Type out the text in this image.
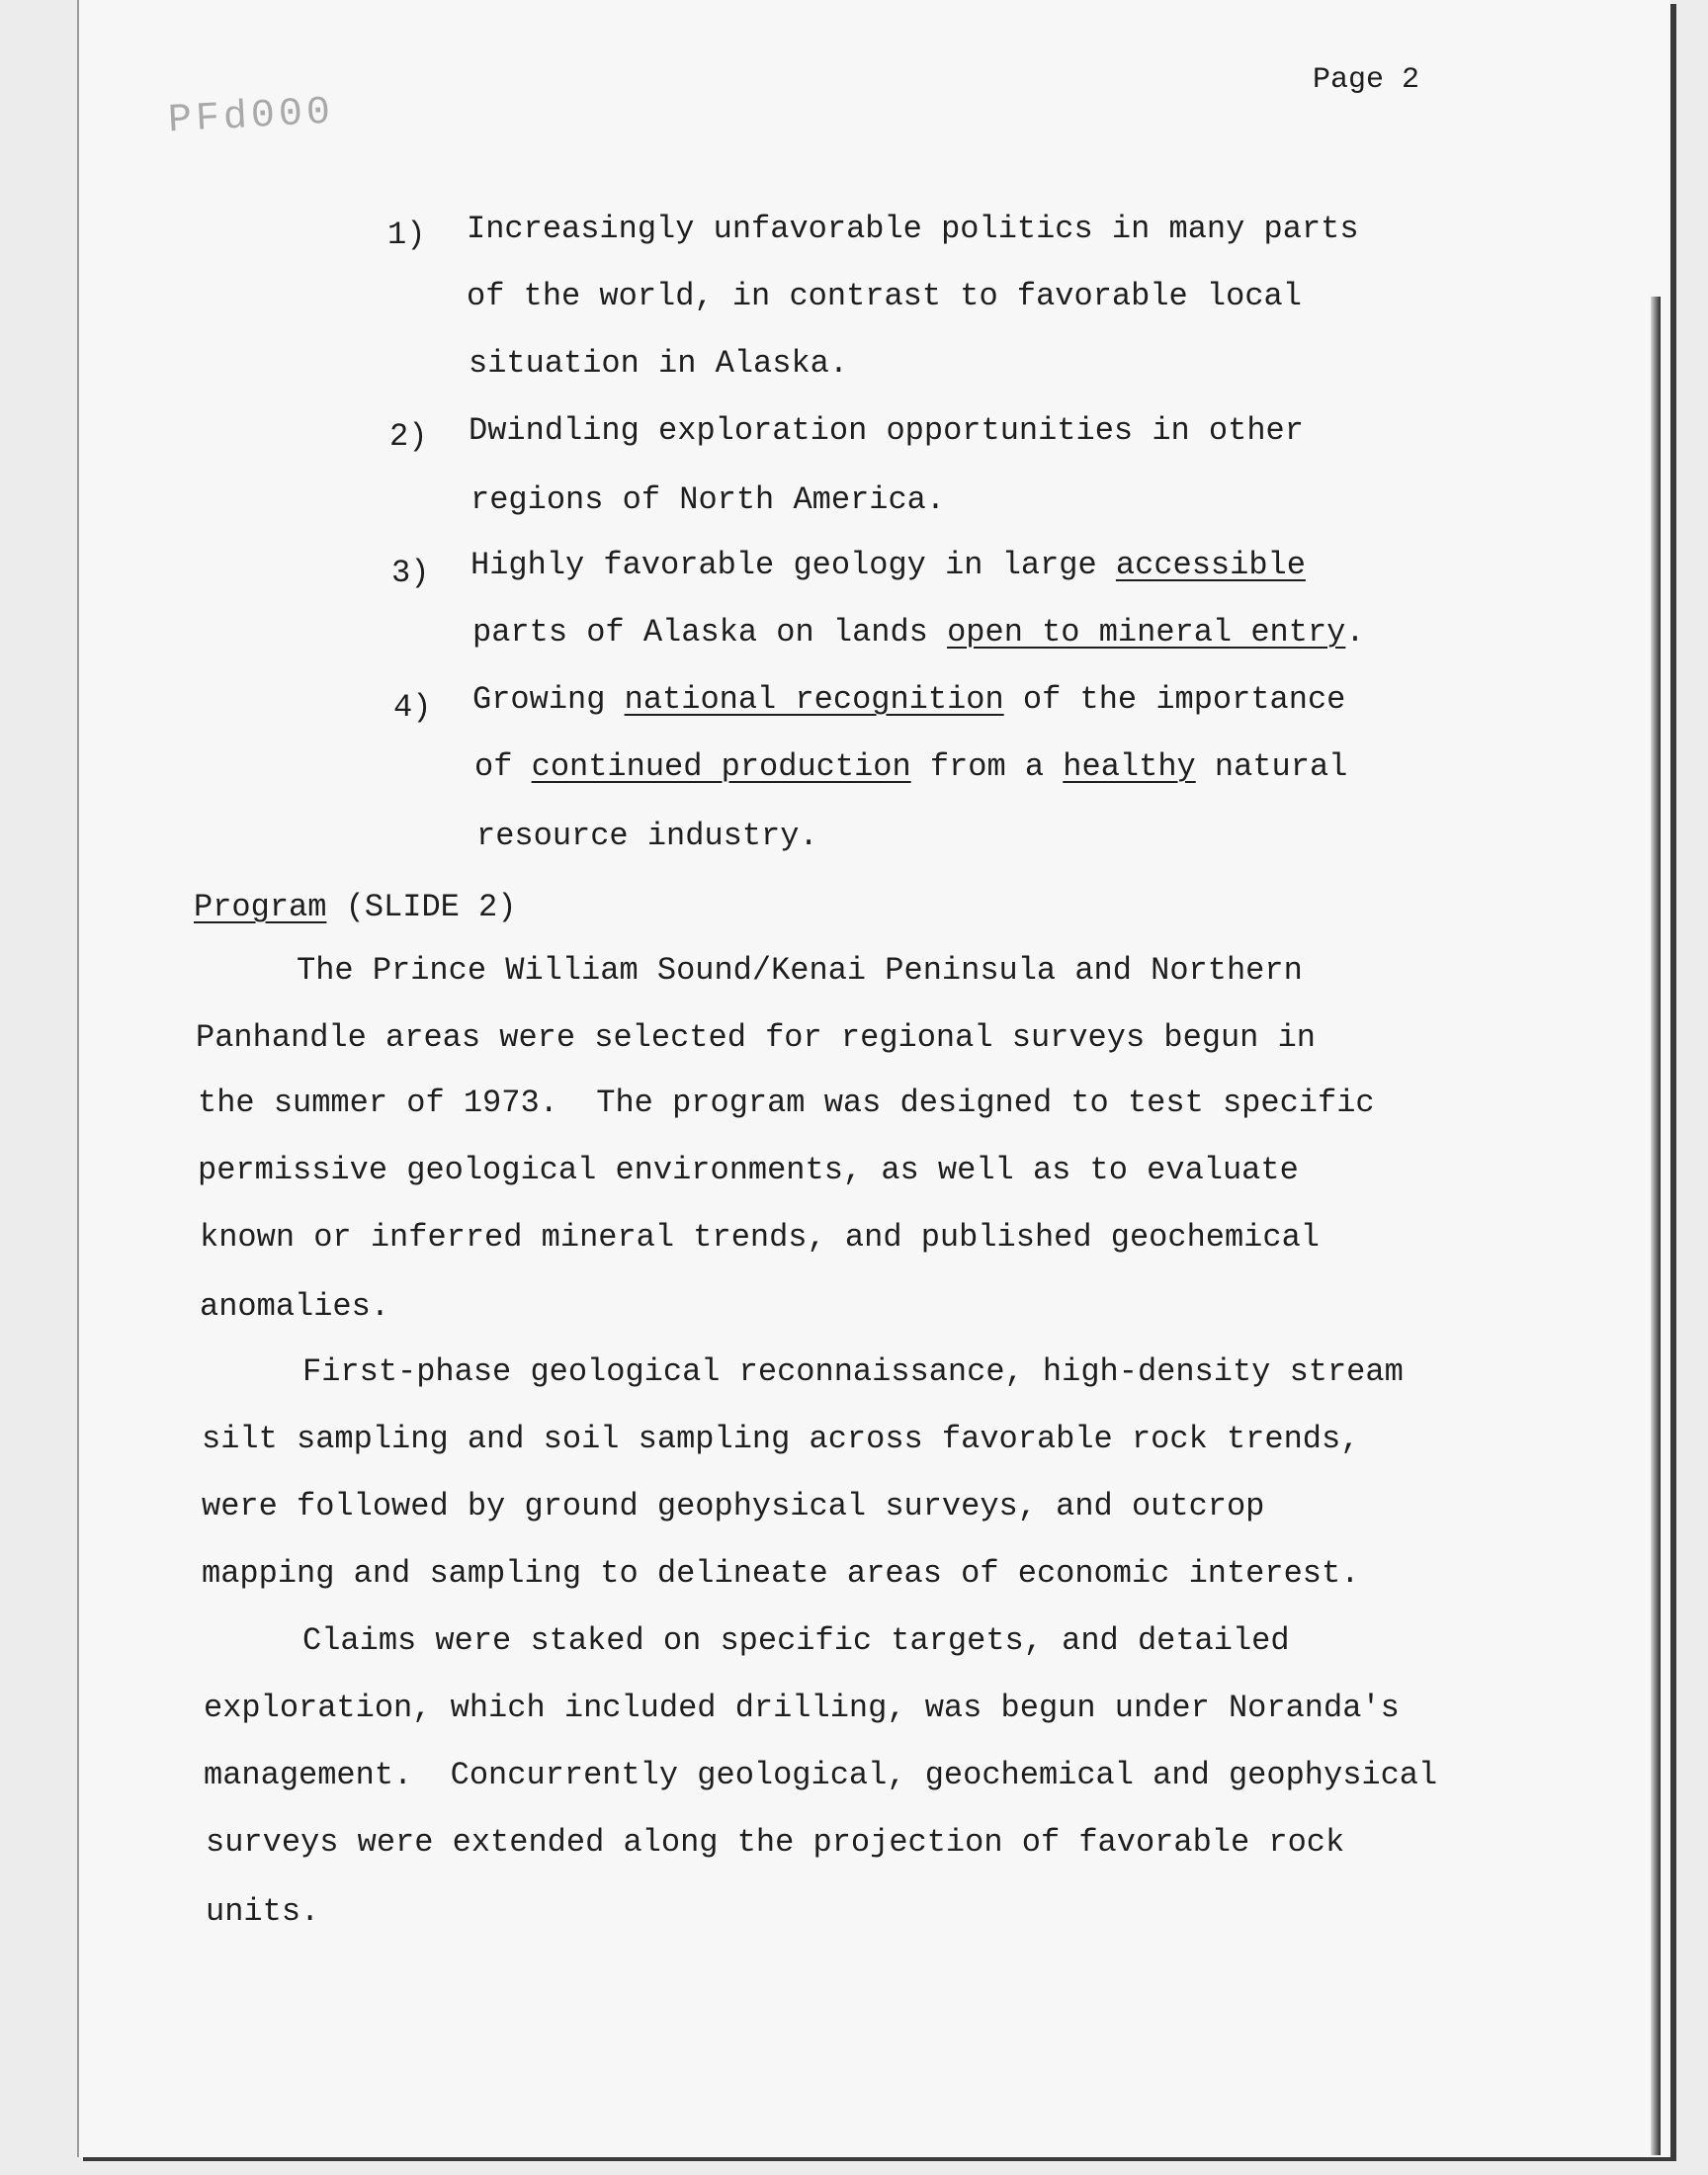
PFd000
Page 2
1) Increasingly unfavorable politics in many parts
of the world, in contrast to favorable local
situation in Alaska.
2) Dwindling exploration opportunities in other
regions of North America.
3) Highly favorable geology in large accessible
parts of Alaska on lands open to mineral entry.
4) Growing national recognition of the importance
of continued production from a healthy natural
resource industry.
Program (SLIDE 2)
The Prince William Sound/Kenai Peninsula and Northern
Panhandle areas were selected for regional surveys begun in
the summer of 1973.  The program was designed to test specific
permissive geological environments, as well as to evaluate
known or inferred mineral trends, and published geochemical
anomalies.
First-phase geological reconnaissance, high-density stream
silt sampling and soil sampling across favorable rock trends,
were followed by ground geophysical surveys, and outcrop
mapping and sampling to delineate areas of economic interest.
Claims were staked on specific targets, and detailed
exploration, which included drilling, was begun under Noranda's
management.  Concurrently geological, geochemical and geophysical
surveys were extended along the projection of favorable rock
units.
